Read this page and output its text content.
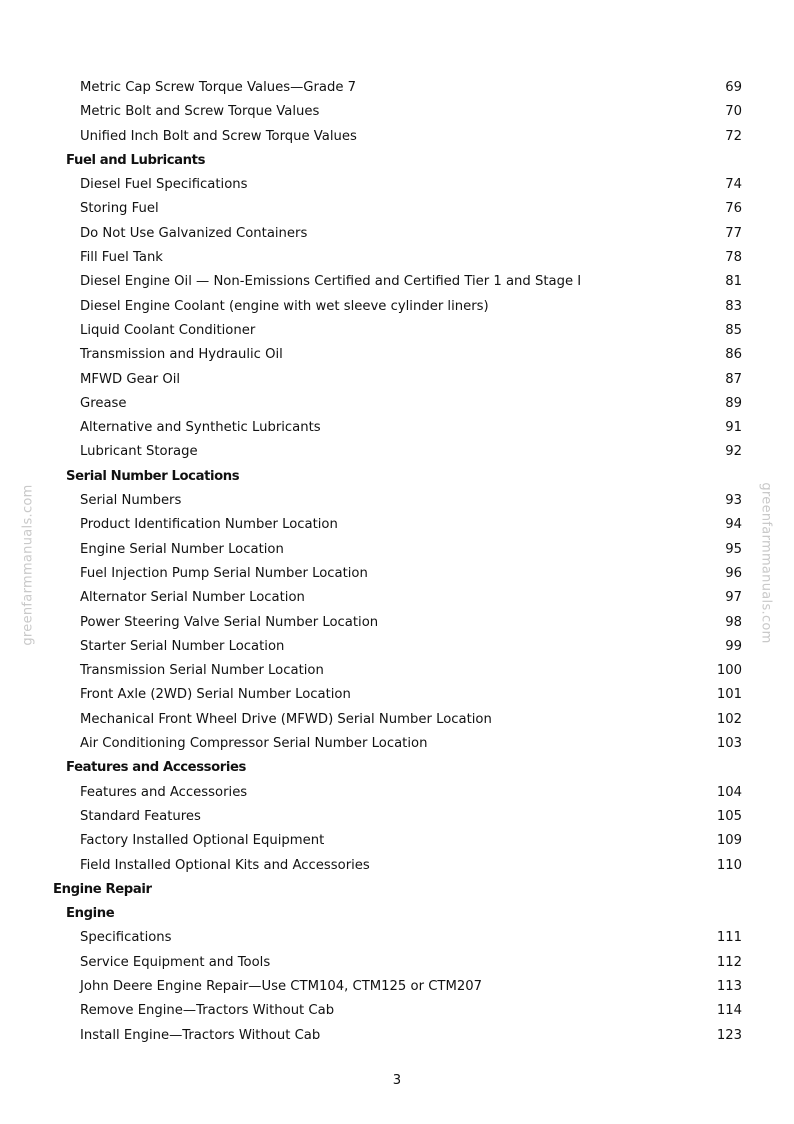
Metric Cap Screw Torque Values—Grade 7	69
Metric Bolt and Screw Torque Values	70
Unified Inch Bolt and Screw Torque Values	72
Fuel and Lubricants
Diesel Fuel Specifications	74
Storing Fuel	76
Do Not Use Galvanized Containers	77
Fill Fuel Tank	78
Diesel Engine Oil — Non-Emissions Certified and Certified Tier 1 and Stage I	81
Diesel Engine Coolant (engine with wet sleeve cylinder liners)	83
Liquid Coolant Conditioner	85
Transmission and Hydraulic Oil	86
MFWD Gear Oil	87
Grease	89
Alternative and Synthetic Lubricants	91
Lubricant Storage	92
Serial Number Locations
Serial Numbers	93
Product Identification Number Location	94
Engine Serial Number Location	95
Fuel Injection Pump Serial Number Location	96
Alternator Serial Number Location	97
Power Steering Valve Serial Number Location	98
Starter Serial Number Location	99
Transmission Serial Number Location	100
Front Axle (2WD) Serial Number Location	101
Mechanical Front Wheel Drive (MFWD) Serial Number Location	102
Air Conditioning Compressor Serial Number Location	103
Features and Accessories
Features and Accessories	104
Standard Features	105
Factory Installed Optional Equipment	109
Field Installed Optional Kits and Accessories	110
Engine Repair
Engine
Specifications	111
Service Equipment and Tools	112
John Deere Engine Repair—Use CTM104, CTM125 or CTM207	113
Remove Engine—Tractors Without Cab	114
Install Engine—Tractors Without Cab	123
3
greenfarmmanuals.com	greenfarmmanuals.com
